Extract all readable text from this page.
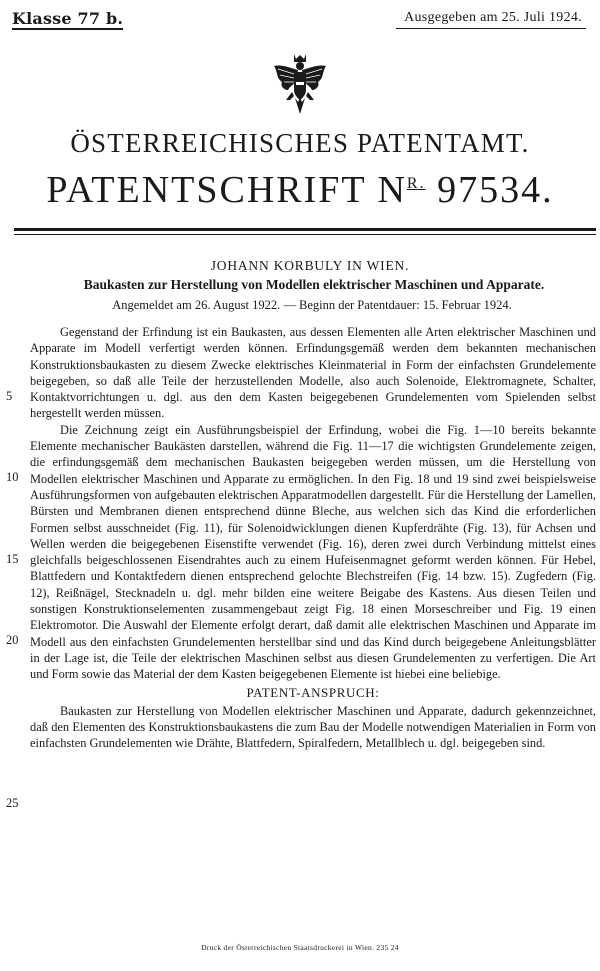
Klasse 77 b.	Ausgegeben am 25. Juli 1924.
ÖSTERREICHISCHES PATENTAMT.
PATENTSCHRIFT $N^{R.}$ 97534.
JOHANN KORBULY IN WIEN.
Baukasten zur Herstellung von Modellen elektrischer Maschinen und Apparate.
Angemeldet am 26. August 1922. — Beginn der Patentdauer: 15. Februar 1924.
5
10
15
20
25

Gegenstand der Erfindung ist ein Baukasten, aus dessen Elementen alle Arten elektrischer Maschinen und Apparate im Modell verfertigt werden können. Erfindungsgemäß werden dem bekannten mechanischen Konstruktionsbaukasten zu diesem Zwecke elektrisches Kleinmaterial in Form der einfachsten Grundelemente beigegeben, so daß alle Teile der herzustellenden Modelle, also auch Solenoide, Elektromagnete, Schalter, Kontaktvorrichtungen u. dgl. aus den dem Kasten beigegebenen Grundelementen vom Spielenden selbst hergestellt werden müssen.

Die Zeichnung zeigt ein Ausführungsbeispiel der Erfindung, wobei die Fig. 1—10 bereits bekannte Elemente mechanischer Baukästen darstellen, während die Fig. 11—17 die wichtigsten Grundelemente zeigen, die erfindungsgemäß dem mechanischen Baukasten beigegeben werden müssen, um die Herstellung von Modellen elektrischer Maschinen und Apparate zu ermöglichen. In den Fig. 18 und 19 sind zwei beispielsweise Ausführungsformen von aufgebauten elektrischen Apparatmodellen dargestellt. Für die Herstellung der Lamellen, Bürsten und Membranen dienen entsprechend dünne Bleche, aus welchen sich das Kind die erforderlichen Formen selbst ausschneidet (Fig. 11), für Solenoidwicklungen dienen Kupferdrähte (Fig. 13), für Achsen und Wellen werden die beigegebenen Eisenstifte verwendet (Fig. 16), deren zwei durch Verbindung mittelst eines gleichfalls beigeschlossenen Eisendrahtes auch zu einem Hufeisenmagnet geformt werden können. Für Hebel, Blattfedern und Kontaktfedern dienen entsprechend gelochte Blechstreifen (Fig. 14 bzw. 15). Zugfedern (Fig. 12), Reißnägel, Stecknadeln u. dgl. mehr bilden eine weitere Beigabe des Kastens. Aus diesen Teilen und sonstigen Konstruktionselementen zusammengebaut zeigt Fig. 18 einen Morseschreiber und Fig. 19 einen Elektromotor. Die Auswahl der Elemente erfolgt derart, daß damit alle elektrischen Maschinen und Apparate im Modell aus den einfachsten Grundelementen herstellbar sind und das Kind durch beigegebene Anleitungsblätter in der Lage ist, die Teile der elektrischen Maschinen selbst aus diesen Grundelementen zu verfertigen. Die Art und Form sowie das Material der dem Kasten beigegebenen Elemente ist hiebei eine beliebige.

PATENT-ANSPRUCH:

Baukasten zur Herstellung von Modellen elektrischer Maschinen und Apparate, dadurch gekennzeichnet, daß den Elementen des Konstruktionsbaukastens die zum Bau der Modelle notwendigen Materialien in Form von einfachsten Grundelementen wie Drähte, Blattfedern, Spiralfedern, Metallblech u. dgl. beigegeben sind.

Druck der Österreichischen Staatsdruckerei in Wien. 235 24
